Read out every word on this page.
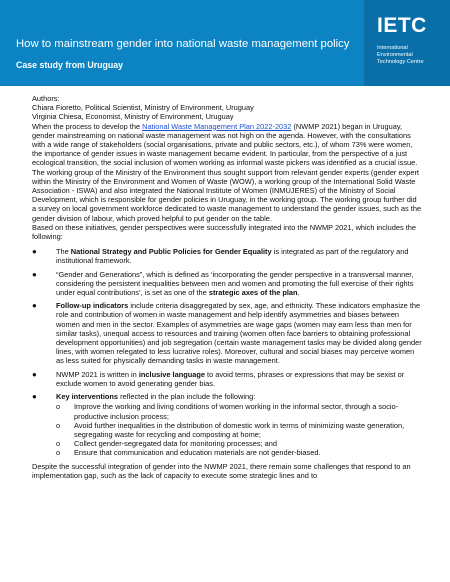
How to mainstream gender into national waste management policy
Case study from Uruguay
IETC
International
Environmental
Technology Centre

Authors:

Chiara Fioretto, Political Scientist, Ministry of Environment, Uruguay

Virginia Chiesa, Economist, Ministry of Environment, Uruguay

When the process to develop the National Waste Management Plan 2022-2032 (NWMP 2021) began in Uruguay, gender mainstreaming on national waste management was not high on the agenda. However, with the consultations with a wide range of stakeholders (social organisations, private and public sectors, etc.), of whom 73% were women, the importance of gender issues in waste management became evident. In particular, from the perspective of a just ecological transition, the social inclusion of women working as informal waste pickers was identified as a crucial issue. The working group of the Ministry of the Environment thus sought support from relevant gender experts (gender expert within the Ministry of the Environment and Women of Waste (WOW), a working group of the International Solid Waste Association - ISWA) and also integrated the National Institute of Women (INMUJERES) of the Ministry of Social Development, which is responsible for gender policies in Uruguay, in the working group. The working group further did a survey on local government workforce dedicated to waste management to understand the gender issues, such as the gender division of labour, which proved helpful to put gender on the table.

Based on these initiatives, gender perspectives were successfully integrated into the NWMP 2021, which includes the following:

●	The National Strategy and Public Policies for Gender Equality is integrated as part of the regulatory and institutional framework.
●	“Gender and Generations”, which is defined as ‘incorporating the gender perspective in a transversal manner, considering the persistent inequalities between men and women and promoting the full exercise of their rights under equal contributions’, is set as one of the strategic axes of the plan.
●	Follow-up indicators include criteria disaggregated by sex, age, and ethnicity. These indicators emphasize the role and contribution of women in waste management and help identify asymmetries and biases between women and men in the sector. Examples of asymmetries are wage gaps (women may earn less than men for similar tasks), unequal access to resources and training (women often face barriers to obtaining professional development opportunities) and job segregation (certain waste management tasks may be divided along gender lines, with women relegated to less lucrative roles). Moreover, cultural and social biases may perceive women as less suited for physically demanding tasks in waste management.
●	NWMP 2021 is written in inclusive language to avoid terms, phrases or expressions that may be sexist or exclude women to avoid generating gender bias.
●	Key interventions reflected in the plan include the following:
o Improve the working and living conditions of women working in the informal sector, through a socio-productive inclusion process;
o Avoid further inequalities in the distribution of domestic work in terms of minimizing waste generation, segregating waste for recycling and composting at home;
o Collect gender-segregated data for monitoring processes; and
o Ensure that communication and education materials are not gender-biased.

Despite the successful integration of gender into the NWMP 2021, there remain some challenges that respond to an implementation gap, such as the lack of capacity to execute some strategic lines and to
